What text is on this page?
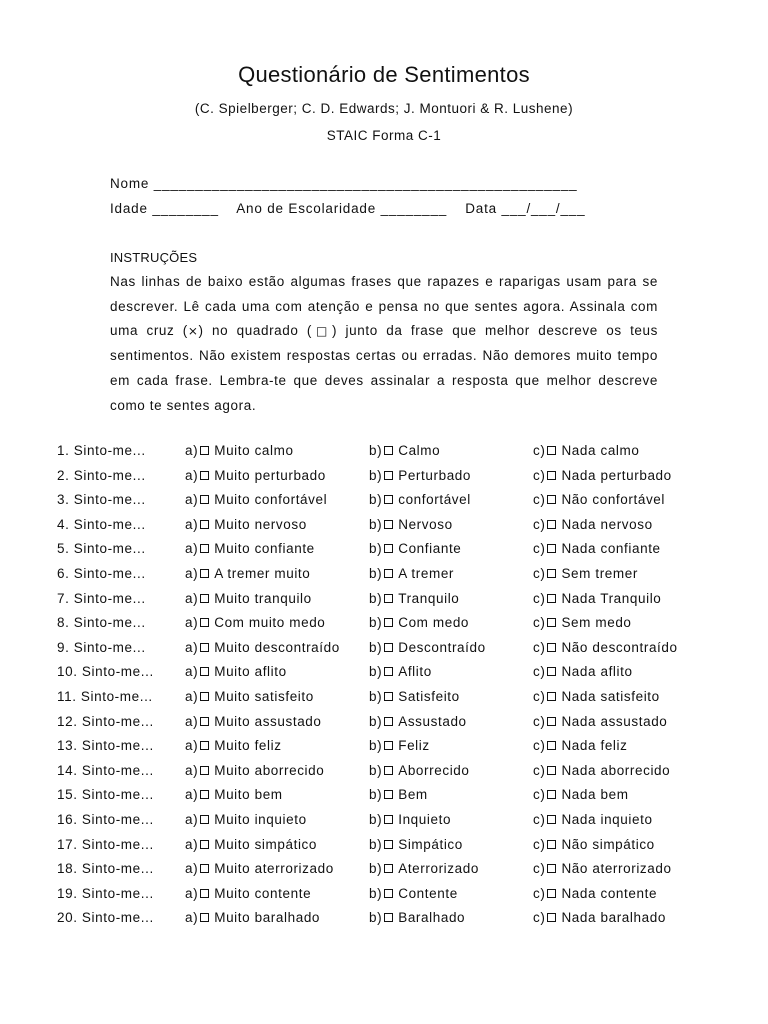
Questionário de Sentimentos
(C. Spielberger; C. D. Edwards; J. Montuori & R. Lushene)
STAIC Forma C-1
Nome ___________________________________________________
Idade ________    Ano de Escolaridade ________    Data ___/___/___
INSTRUÇÕES
Nas linhas de baixo estão algumas frases que rapazes e raparigas usam para se descrever. Lê cada uma com atenção e pensa no que sentes agora. Assinala com uma cruz (⨯) no quadrado (□) junto da frase que melhor descreve os teus sentimentos. Não existem respostas certas ou erradas. Não demores muito tempo em cada frase. Lembra-te que deves assinalar a resposta que melhor descreve como te sentes agora.
1. Sinto-me...	a) Muito calmo	b) Calmo	c) Nada calmo
2. Sinto-me...	a) Muito perturbado	b) Perturbado	c) Nada perturbado
3. Sinto-me...	a) Muito confortável	b) confortável	c) Não confortável
4. Sinto-me...	a) Muito nervoso	b) Nervoso	c) Nada nervoso
5. Sinto-me...	a) Muito confiante	b) Confiante	c) Nada confiante
6. Sinto-me...	a) A tremer muito	b) A tremer	c) Sem tremer
7. Sinto-me...	a) Muito tranquilo	b) Tranquilo	c) Nada Tranquilo
8. Sinto-me...	a) Com muito medo	b) Com medo	c) Sem medo
9. Sinto-me...	a) Muito descontraído b) Descontraído	c) Não descontraído
10. Sinto-me... a) Muito aflito	b) Aflito	c) Nada aflito
11. Sinto-me... a) Muito satisfeito	b) Satisfeito	c) Nada satisfeito
12. Sinto-me... a) Muito assustado	b) Assustado	c) Nada assustado
13. Sinto-me... a) Muito feliz	b) Feliz	c) Nada feliz
14. Sinto-me... a) Muito aborrecido	b) Aborrecido	c) Nada aborrecido
15. Sinto-me... a) Muito bem	b) Bem	c) Nada bem
16. Sinto-me... a) Muito inquieto	b) Inquieto	c) Nada inquieto
17. Sinto-me... a) Muito simpático	b) Simpático	c) Não simpático
18. Sinto-me... a) Muito aterrorizado	b) Aterrorizado	c) Não aterrorizado
19. Sinto-me... a) Muito contente	b) Contente	c) Nada contente
20. Sinto-me... a) Muito baralhado	b) Baralhado	c) Nada baralhado
